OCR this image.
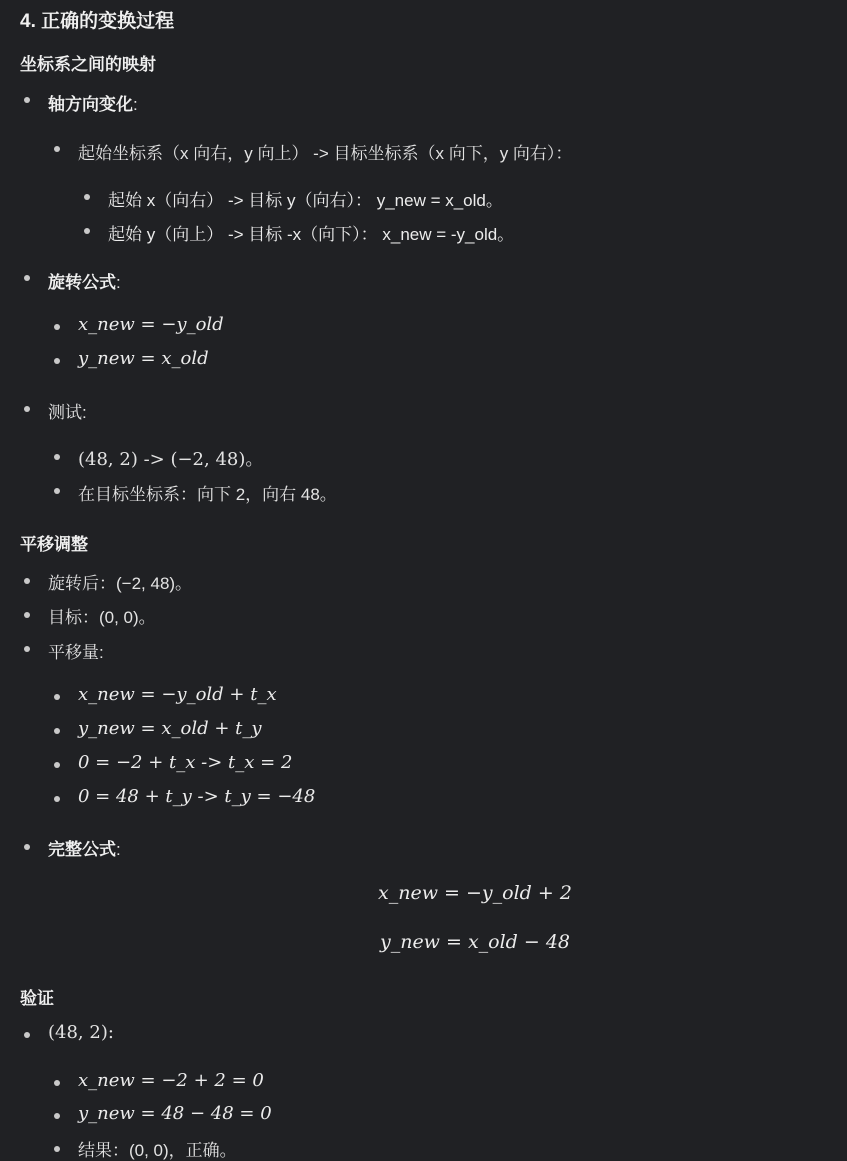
4. 正确的变换过程
坐标系之间的映射
轴方向变化:
起始坐标系（x 向右，y 向上） -> 目标坐标系（x 向下，y 向右）：
起始 x（向右） -> 目标 y（向右）： y_new = x_old。
起始 y（向上） -> 目标 -x（向下）： x_new = -y_old。
旋转公式:
x_new = −y_old
y_new = x_old
测试:
(48, 2) -> (−2, 48)。
在目标坐标系：向下 2，向右 48。
平移调整
旋转后：(−2, 48)。
目标：(0, 0)。
平移量:
x_new = −y_old + t_x
y_new = x_old + t_y
0 = −2 + t_x -> t_x = 2
0 = 48 + t_y -> t_y = −48
完整公式:
x_new = −y_old + 2
y_new = x_old − 48
验证
(48, 2):
x_new = −2 + 2 = 0
y_new = 48 − 48 = 0
结果：(0, 0)，正确。
